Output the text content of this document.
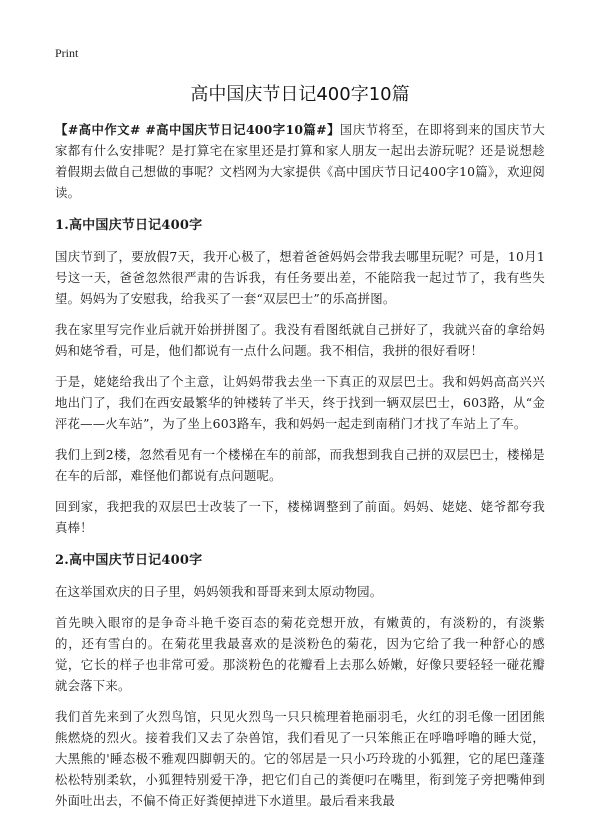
Print
高中国庆节日记400字10篇

【#高中作文# #高中国庆节日记400字10篇#】国庆节将至，在即将到来的国庆节大家都有什么安排呢？是打算宅在家里还是打算和家人朋友一起出去游玩呢？还是说想趁着假期去做自己想做的事呢？文档网为大家提供《高中国庆节日记400字10篇》，欢迎阅读。

1.高中国庆节日记400字

国庆节到了，要放假7天，我开心极了，想着爸爸妈妈会带我去哪里玩呢？可是，10月1号这一天，爸爸忽然很严肃的告诉我，有任务要出差，不能陪我一起过节了，我有些失望。妈妈为了安慰我，给我买了一套“双层巴士”的乐高拼图。

我在家里写完作业后就开始拼拼图了。我没有看图纸就自己拼好了，我就兴奋的拿给妈妈和姥爷看，可是，他们都说有一点什么问题。我不相信，我拼的很好看呀！

于是，姥姥给我出了个主意，让妈妈带我去坐一下真正的双层巴士。我和妈妈高高兴兴地出门了，我们在西安最繁华的钟楼转了半天，终于找到一辆双层巴士，603路，从“金泙花——火车站”，为了坐上603路车，我和妈妈一起走到南稍门才找了车站上了车。

我们上到2楼，忽然看见有一个楼梯在车的前部，而我想到我自己拼的双层巴士，楼梯是在车的后部，难怪他们都说有点问题呢。

回到家，我把我的双层巴士改装了一下，楼梯调整到了前面。妈妈、姥姥、姥爷都夸我真棒！

2.高中国庆节日记400字

在这举国欢庆的日子里，妈妈领我和哥哥来到太原动物园。

首先映入眼帘的是争奇斗艳千姿百态的菊花竞想开放，有嫩黄的，有淡粉的，有淡紫的，还有雪白的。在菊花里我最喜欢的是淡粉色的菊花，因为它给了我一种舒心的感觉，它长的样子也非常可爱。那淡粉色的花瓣看上去那么娇嫩，好像只要轻轻一碰花瓣就会落下来。

我们首先来到了火烈鸟馆，只见火烈鸟一只只梳理着艳丽羽毛，火红的羽毛像一团团熊熊燃烧的烈火。接着我们又去了杂兽馆，我们看见了一只笨熊正在呼噜呼噜的睡大觉，大黑熊的'睡态极不雅观四脚朝天的。它的邻居是一只小巧玲珑的小狐狸，它的尾巴蓬蓬松松特别柔软，小狐狸特别爱干净，把它们自己的粪便叼在嘴里，衔到笼子旁把嘴伸到外面吐出去，不偏不倚正好粪便掉进下水道里。最后看来我最
